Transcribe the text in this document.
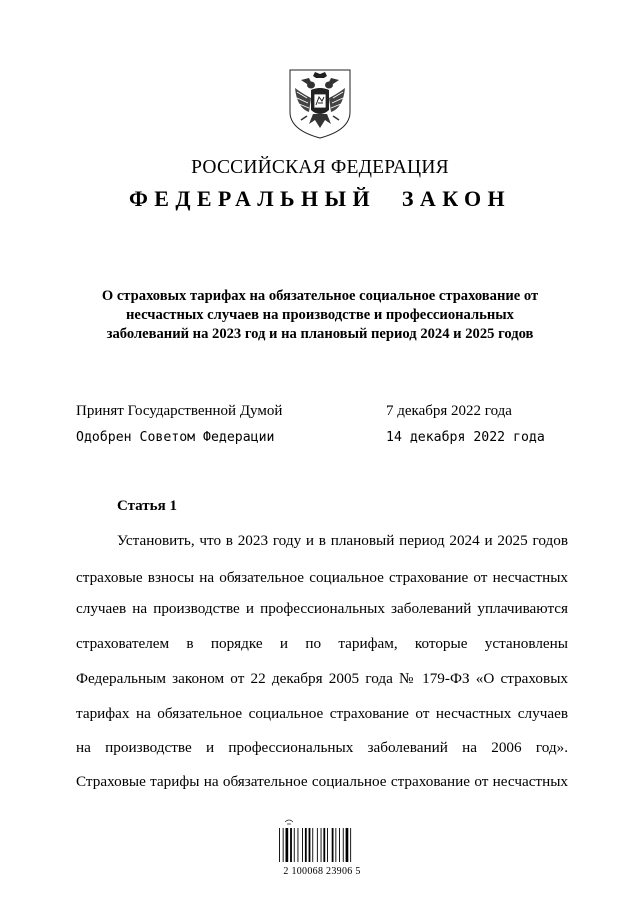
РОССИЙСКАЯ ФЕДЕРАЦИЯ
ФЕДЕРАЛЬНЫЙ ЗАКОН
О страховых тарифах на обязательное социальное страхование от
несчастных случаев на производстве и профессиональных
заболеваний на 2023 год и на плановый период 2024 и 2025 годов
Принят Государственной Думой	7 декабря 2022 года
Одобрен Советом Федерации	14 декабря 2022 года
Статья 1
Установить, что в 2023 году и в плановый период 2024 и 2025 годов
страховые взносы на обязательное социальное страхование от несчастных
случаев на производстве и профессиональных заболеваний уплачиваются
страхователем в порядке и по тарифам, которые установлены
Федеральным законом от 22 декабря 2005 года № 179-ФЗ «О страховых
тарифах на обязательное социальное страхование от несчастных случаев
на производстве и профессиональных заболеваний на 2006 год».
Страховые тарифы на обязательное социальное страхование от несчастных
2 100068 23906 5
